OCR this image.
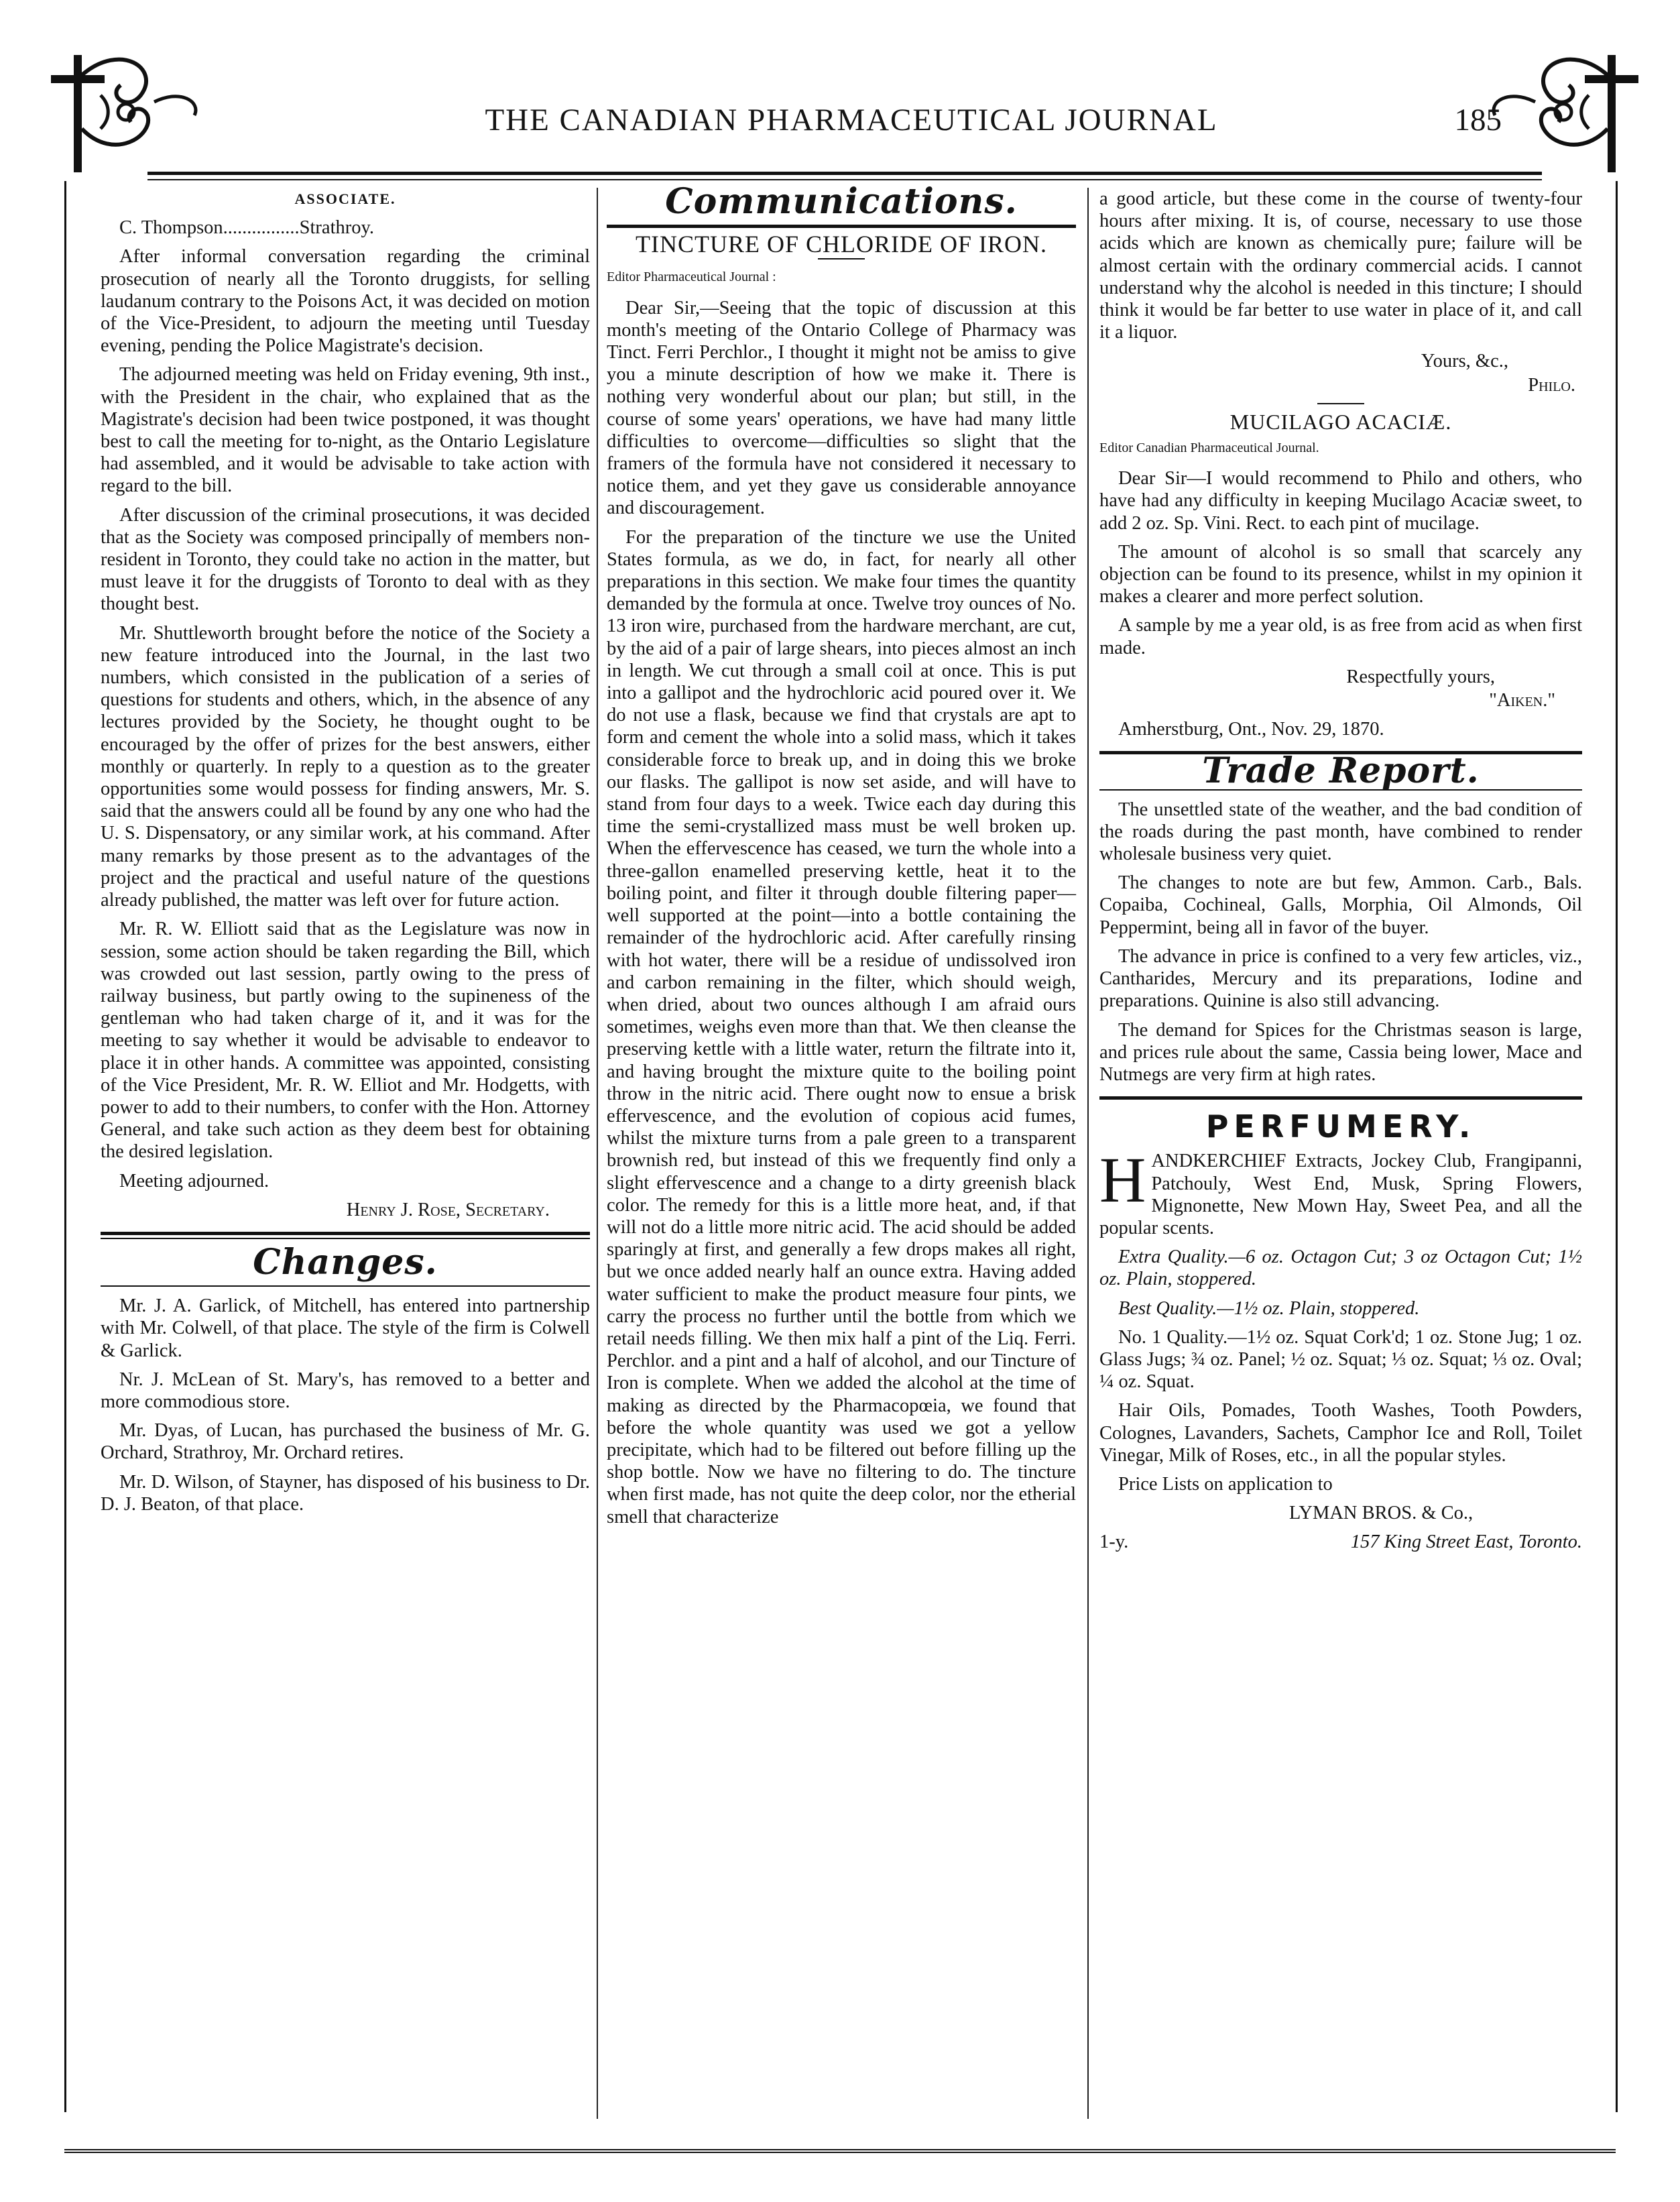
THE CANADIAN PHARMACEUTICAL JOURNAL	185

ASSOCIATE.

C. Thompson................Strathroy.

After informal conversation regarding the criminal prosecution of nearly all the Toronto druggists, for selling laudanum contrary to the Poisons Act, it was decided on motion of the Vice-President, to adjourn the meeting until Tuesday evening, pending the Police Magistrate's decision.

The adjourned meeting was held on Friday evening, 9th inst., with the President in the chair, who explained that as the Magistrate's decision had been twice postponed, it was thought best to call the meeting for to-night, as the Ontario Legislature had assembled, and it would be advisable to take action with regard to the bill.

After discussion of the criminal prosecutions, it was decided that as the Society was composed principally of members non-resident in Toronto, they could take no action in the matter, but must leave it for the druggists of Toronto to deal with as they thought best.

Mr. Shuttleworth brought before the notice of the Society a new feature introduced into the Journal, in the last two numbers, which consisted in the publication of a series of questions for students and others, which, in the absence of any lectures provided by the Society, he thought ought to be encouraged by the offer of prizes for the best answers, either monthly or quarterly. In reply to a question as to the greater opportunities some would possess for finding answers, Mr. S. said that the answers could all be found by any one who had the U. S. Dispensatory, or any similar work, at his command. After many remarks by those present as to the advantages of the project and the practical and useful nature of the questions already published, the matter was left over for future action.

Mr. R. W. Elliott said that as the Legislature was now in session, some action should be taken regarding the Bill, which was crowded out last session, partly owing to the press of railway business, but partly owing to the supineness of the gentleman who had taken charge of it, and it was for the meeting to say whether it would be advisable to endeavor to place it in other hands. A committee was appointed, consisting of the Vice President, Mr. R. W. Elliot and Mr. Hodgetts, with power to add to their numbers, to confer with the Hon. Attorney General, and take such action as they deem best for obtaining the desired legislation.

Meeting adjourned.

Henry J. Rose, Secretary.

Changes.

Mr. J. A. Garlick, of Mitchell, has entered into partnership with Mr. Colwell, of that place. The style of the firm is Colwell & Garlick.

Nr. J. McLean of St. Mary's, has removed to a better and more commodious store.

Mr. Dyas, of Lucan, has purchased the business of Mr. G. Orchard, Strathroy, Mr. Orchard retires.

Mr. D. Wilson, of Stayner, has disposed of his business to Dr. D. J. Beaton, of that place.

Communications.
TINCTURE OF CHLORIDE OF IRON.

Editor Pharmaceutical Journal :

Dear Sir,—Seeing that the topic of discussion at this month's meeting of the Ontario College of Pharmacy was Tinct. Ferri Perchlor., I thought it might not be amiss to give you a minute description of how we make it. There is nothing very wonderful about our plan; but still, in the course of some years' operations, we have had many little difficulties to overcome—difficulties so slight that the framers of the formula have not considered it necessary to notice them, and yet they gave us considerable annoyance and discouragement.

For the preparation of the tincture we use the United States formula, as we do, in fact, for nearly all other preparations in this section. We make four times the quantity demanded by the formula at once. Twelve troy ounces of No. 13 iron wire, purchased from the hardware merchant, are cut, by the aid of a pair of large shears, into pieces almost an inch in length. We cut through a small coil at once. This is put into a gallipot and the hydrochloric acid poured over it. We do not use a flask, because we find that crystals are apt to form and cement the whole into a solid mass, which it takes considerable force to break up, and in doing this we broke our flasks. The gallipot is now set aside, and will have to stand from four days to a week. Twice each day during this time the semi-crystallized mass must be well broken up. When the effervescence has ceased, we turn the whole into a three-gallon enamelled preserving kettle, heat it to the boiling point, and filter it through double filtering paper—well supported at the point—into a bottle containing the remainder of the hydrochloric acid. After carefully rinsing with hot water, there will be a residue of undissolved iron and carbon remaining in the filter, which should weigh, when dried, about two ounces although I am afraid ours sometimes, weighs even more than that. We then cleanse the preserving kettle with a little water, return the filtrate into it, and having brought the mixture quite to the boiling point throw in the nitric acid. There ought now to ensue a brisk effervescence, and the evolution of copious acid fumes, whilst the mixture turns from a pale green to a transparent brownish red, but instead of this we frequently find only a slight effervescence and a change to a dirty greenish black color. The remedy for this is a little more heat, and, if that will not do a little more nitric acid. The acid should be added sparingly at first, and generally a few drops makes all right, but we once added nearly half an ounce extra. Having added water sufficient to make the product measure four pints, we carry the process no further until the bottle from which we retail needs filling. We then mix half a pint of the Liq. Ferri. Perchlor. and a pint and a half of alcohol, and our Tincture of Iron is complete. When we added the alcohol at the time of making as directed by the Pharmacopœia, we found that before the whole quantity was used we got a yellow precipitate, which had to be filtered out before filling up the shop bottle. Now we have no filtering to do. The tincture when first made, has not quite the deep color, nor the etherial smell that characterize

a good article, but these come in the course of twenty-four hours after mixing. It is, of course, necessary to use those acids which are known as chemically pure; failure will be almost certain with the ordinary commercial acids. I cannot understand why the alcohol is needed in this tincture; I should think it would be far better to use water in place of it, and call it a liquor.

Yours, &c.,

Philo.

MUCILAGO ACACIÆ.

Editor Canadian Pharmaceutical Journal.

Dear Sir—I would recommend to Philo and others, who have had any difficulty in keeping Mucilago Acaciæ sweet, to add 2 oz. Sp. Vini. Rect. to each pint of mucilage.

The amount of alcohol is so small that scarcely any objection can be found to its presence, whilst in my opinion it makes a clearer and more perfect solution.

A sample by me a year old, is as free from acid as when first made.

Respectfully yours,

"Aiken."

Amherstburg, Ont., Nov. 29, 1870.

Trade Report.

The unsettled state of the weather, and the bad condition of the roads during the past month, have combined to render wholesale business very quiet.

The changes to note are but few, Ammon. Carb., Bals. Copaiba, Cochineal, Galls, Morphia, Oil Almonds, Oil Peppermint, being all in favor of the buyer.

The advance in price is confined to a very few articles, viz., Cantharides, Mercury and its preparations, Iodine and preparations. Quinine is also still advancing.

The demand for Spices for the Christmas season is large, and prices rule about the same, Cassia being lower, Mace and Nutmegs are very firm at high rates.

PERFUMERY.

HANDKERCHIEF Extracts, Jockey Club, Frangipanni, Patchouly, West End, Musk, Spring Flowers, Mignonette, New Mown Hay, Sweet Pea, and all the popular scents.

Extra Quality.—6 oz. Octagon Cut; 3 oz Octagon Cut; 1½ oz. Plain, stoppered.

Best Quality.—1½ oz. Plain, stoppered.

No. 1 Quality.—1½ oz. Squat Cork'd; 1 oz. Stone Jug; 1 oz. Glass Jugs; ¾ oz. Panel; ½ oz. Squat; ⅓ oz. Squat; ⅓ oz. Oval; ¼ oz. Squat.

Hair Oils, Pomades, Tooth Washes, Tooth Powders, Colognes, Lavanders, Sachets, Camphor Ice and Roll, Toilet Vinegar, Milk of Roses, etc., in all the popular styles.

Price Lists on application to

LYMAN BROS. & Co.,

1-y.	157 King Street East, Toronto.
